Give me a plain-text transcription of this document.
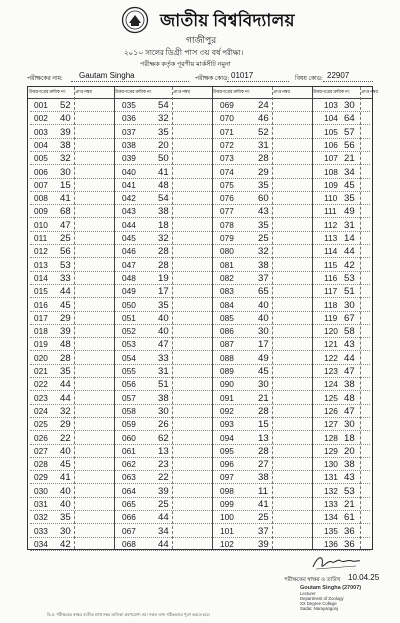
জাতীয় বিশ্ববিদ্যালয়
গাজীপুর
২০১০ সালের ডিগ্রী পাস ৩য় বর্ষ পরীক্ষা।
পরীক্ষক কর্তৃক পূরণীয় মার্কসীট নমুনা
পরীক্ষকের নাম: Gautam Singha	পরীক্ষক কোড: 01017	বিষয় কোড: 22907
উত্তরপত্রের ক্রমিক নং	প্রাপ্ত নম্বর	উত্তরপত্রের ক্রমিক নং	প্রাপ্ত নম্বর	উত্তরপত্রের ক্রমিক নং	প্রাপ্ত নম্বর	উত্তরপত্রের ক্রমিক নং	প্রাপ্ত নম্বর
001 52	035 54	069	24	103 30
002 40	036 32	070	46	104 64
003 39	037 35	071	52	105 57
004 38	038 20	072	31	106 56
005 32	039 50	073	28	107 21
006 30	040 41	074	29	108 34
007 15	041 48	075	35	109 45
008 41	042 54	076	60	110 35
009 68	043 38	077	43	111 49
010 47	044 18	078	35	112 31
011 25	045 32	079	25	113 14
012 56	046 28	080	32	114 44
013 53	047 28	081	38	115 42
014 33	048 19	082	37	116 53
015 44	049 17	083	65	117 51
016 45	050 35	084	40	118 30
017 29	051 40	085	40	119 67
018 39	052 40	086	30	120 58
019 48	053 47	087	17	121 43
020 28	054 33	088	49	122 44
021 35	055 31	089	45	123 47
022 44	056 51	090	30	124 38
023 44	057 38	091	21	125 48
024 32	058 30	092	28	126 47
025 29	059 26	093	15	127 30
026 22	060 62	094	13	128 18
027 40	061 13	095	28	129 20
028 45	062 23	096	27	130 38
029 41	063 22	097	38	131 43
030 40	064 39	098	11	132 53
031 40	065 25	099	41	133 21
032 35	066 44	100	25	134 61
033 30	067 34	101	37	135 36
034 42	068 44	102	39	136 36
পরীক্ষকের স্বাক্ষর ও তারিখ 10.04.25
Goutam Singha (27007)
Lecturer
Department of Zoology
XX Degree College
Sadar, Narayangonj
বি:দ্র: পরীক্ষকের স্বাক্ষর ব্যতীত প্রাপ্ত নম্বর তালিকা গ্রহণযোগ্য নয়। সকল তথ্য সঠিকভাবে পূরণ করতে হবে।
